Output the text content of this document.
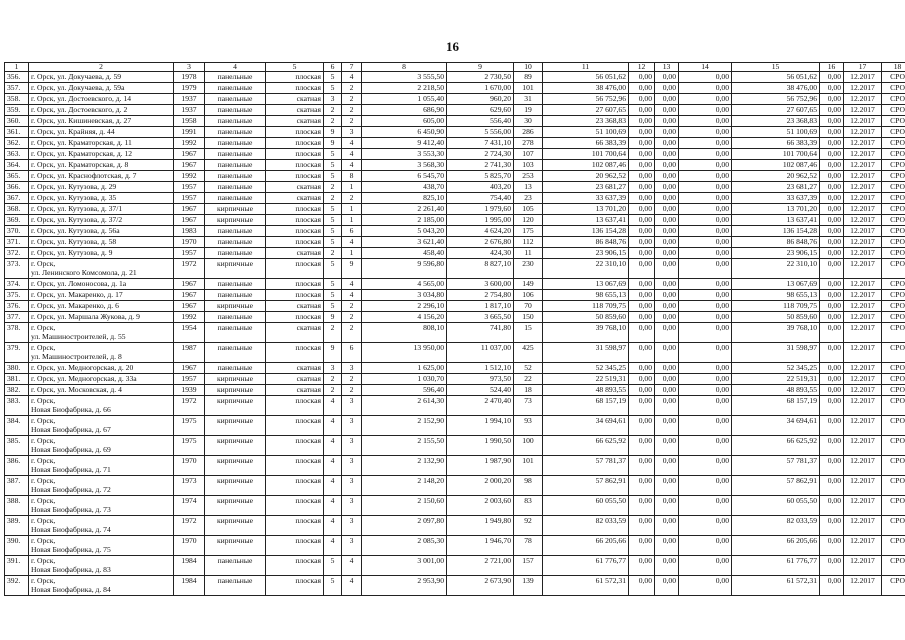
16
1	2	3	4	5	6	7	8	9	10	11	12	13	14	15	16	17	18
356.	г. Орск, ул. Докучаева, д. 59	1978	панельные	плоская	5	4	3 555,50	2 730,50	89	56 051,62	0,00	0,00	0,00	56 051,62	0,00	12.2017	СРО
357.	г. Орск, ул. Докучаева, д. 59а	1979	панельные	плоская	5	2	2 218,50	1 670,00	101	38 476,00	0,00	0,00	0,00	38 476,00	0,00	12.2017	СРО
358.	г. Орск, ул. Достоевского, д. 14	1937	панельные	скатная	3	2	1 055,40	960,20	31	56 752,96	0,00	0,00	0,00	56 752,96	0,00	12.2017	СРО
359.	г. Орск, ул. Достоевского, д. 2	1937	панельные	скатная	2	2	686,90	629,60	19	27 607,65	0,00	0,00	0,00	27 607,65	0,00	12.2017	СРО
360.	г. Орск, ул. Кишиневская, д. 27	1958	панельные	скатная	2	2	605,00	556,40	30	23 368,83	0,00	0,00	0,00	23 368,83	0,00	12.2017	СРО
361.	г. Орск, ул. Крайняя, д. 44	1991	панельные	плоская	9	3	6 450,90	5 556,00	286	51 100,69	0,00	0,00	0,00	51 100,69	0,00	12.2017	СРО
362.	г. Орск, ул. Краматорская, д. 11	1992	панельные	плоская	9	4	9 412,40	7 431,10	278	66 383,39	0,00	0,00	0,00	66 383,39	0,00	12.2017	СРО
363.	г. Орск, ул. Краматорская, д. 12	1967	панельные	плоская	5	4	3 553,30	2 724,30	107	101 700,64	0,00	0,00	0,00	101 700,64	0,00	12.2017	СРО
364.	г. Орск, ул. Краматорская, д. 8	1967	панельные	плоская	5	4	3 568,30	2 741,30	103	102 087,46	0,00	0,00	0,00	102 087,46	0,00	12.2017	СРО
365.	г. Орск, ул. Краснофлотская, д. 7	1992	панельные	плоская	5	8	6 545,70	5 825,70	253	20 962,52	0,00	0,00	0,00	20 962,52	0,00	12.2017	СРО
366.	г. Орск, ул. Кутузова, д. 29	1957	панельные	скатная	2	1	438,70	403,20	13	23 681,27	0,00	0,00	0,00	23 681,27	0,00	12.2017	СРО
367.	г. Орск, ул. Кутузова, д. 35	1957	панельные	скатная	2	2	825,10	754,40	23	33 637,39	0,00	0,00	0,00	33 637,39	0,00	12.2017	СРО
368.	г. Орск, ул. Кутузова, д. 37/1	1967	кирпичные	плоская	5	1	2 261,40	1 979,60	105	13 701,20	0,00	0,00	0,00	13 701,20	0,00	12.2017	СРО
369.	г. Орск, ул. Кутузова, д. 37/2	1967	кирпичные	плоская	5	1	2 185,00	1 995,00	120	13 637,41	0,00	0,00	0,00	13 637,41	0,00	12.2017	СРО
370.	г. Орск, ул. Кутузова, д. 56а	1983	панельные	плоская	5	6	5 043,20	4 624,20	175	136 154,28	0,00	0,00	0,00	136 154,28	0,00	12.2017	СРО
371.	г. Орск, ул. Кутузова, д. 58	1970	панельные	плоская	5	4	3 621,40	2 676,80	112	86 848,76	0,00	0,00	0,00	86 848,76	0,00	12.2017	СРО
372.	г. Орск, ул. Кутузова, д. 9	1957	панельные	скатная	2	1	458,40	424,30	11	23 906,15	0,00	0,00	0,00	23 906,15	0,00	12.2017	СРО
373.	г. Орск,
ул. Ленинского Комсомола, д. 21	1972	кирпичные	плоская	5	9	9 596,80	8 827,10	230	22 310,10	0,00	0,00	0,00	22 310,10	0,00	12.2017	СРО
374.	г. Орск, ул. Ломоносова, д. 1а	1967	панельные	плоская	5	4	4 565,00	3 600,00	149	13 067,69	0,00	0,00	0,00	13 067,69	0,00	12.2017	СРО
375.	г. Орск, ул. Макаренко, д. 17	1967	панельные	плоская	5	4	3 034,80	2 754,80	106	98 655,13	0,00	0,00	0,00	98 655,13	0,00	12.2017	СРО
376.	г. Орск, ул. Макаренко, д. 6	1967	кирпичные	скатная	5	2	2 296,10	1 817,10	70	118 709,75	0,00	0,00	0,00	118 709,75	0,00	12.2017	СРО
377.	г. Орск, ул. Маршала Жукова, д. 9	1992	панельные	плоская	9	2	4 156,20	3 665,50	150	50 859,60	0,00	0,00	0,00	50 859,60	0,00	12.2017	СРО
378.	г. Орск,
ул. Машиностроителей, д. 55	1954	панельные	скатная	2	2	808,10	741,80	15	39 768,10	0,00	0,00	0,00	39 768,10	0,00	12.2017	СРО
379.	г. Орск,
ул. Машиностроителей, д. 8	1987	панельные	плоская	9	6	13 950,00	11 037,00	425	31 598,97	0,00	0,00	0,00	31 598,97	0,00	12.2017	СРО
380.	г. Орск, ул. Медногорская, д. 20	1967	панельные	скатная	3	3	1 625,00	1 512,10	52	52 345,25	0,00	0,00	0,00	52 345,25	0,00	12.2017	СРО
381.	г. Орск, ул. Медногорская, д. 33а	1957	кирпичные	скатная	2	2	1 030,70	973,50	22	22 519,31	0,00	0,00	0,00	22 519,31	0,00	12.2017	СРО
382.	г. Орск, ул. Московская, д. 4	1939	кирпичные	скатная	2	2	596,40	524,40	18	48 893,55	0,00	0,00	0,00	48 893,55	0,00	12.2017	СРО
383.	г. Орск,
Новая Биофабрика, д. 66	1972	кирпичные	плоская	4	3	2 614,30	2 470,40	73	68 157,19	0,00	0,00	0,00	68 157,19	0,00	12.2017	СРО
384.	г. Орск,
Новая Биофабрика, д. 67	1975	кирпичные	плоская	4	3	2 152,90	1 994,10	93	34 694,61	0,00	0,00	0,00	34 694,61	0,00	12.2017	СРО
385.	г. Орск,
Новая Биофабрика, д. 69	1975	кирпичные	плоская	4	3	2 155,50	1 990,50	100	66 625,92	0,00	0,00	0,00	66 625,92	0,00	12.2017	СРО
386.	г. Орск,
Новая Биофабрика, д. 71	1970	кирпичные	плоская	4	3	2 132,90	1 987,90	101	57 781,37	0,00	0,00	0,00	57 781,37	0,00	12.2017	СРО
387.	г. Орск,
Новая Биофабрика, д. 72	1973	кирпичные	плоская	4	3	2 148,20	2 000,20	98	57 862,91	0,00	0,00	0,00	57 862,91	0,00	12.2017	СРО
388.	г. Орск,
Новая Биофабрика, д. 73	1974	кирпичные	плоская	4	3	2 150,60	2 003,60	83	60 055,50	0,00	0,00	0,00	60 055,50	0,00	12.2017	СРО
389.	г. Орск,
Новая Биофабрика, д. 74	1972	кирпичные	плоская	4	3	2 097,80	1 949,80	92	82 033,59	0,00	0,00	0,00	82 033,59	0,00	12.2017	СРО
390.	г. Орск,
Новая Биофабрика, д. 75	1970	кирпичные	плоская	4	3	2 085,30	1 946,70	78	66 205,66	0,00	0,00	0,00	66 205,66	0,00	12.2017	СРО
391.	г. Орск,
Новая Биофабрика, д. 83	1984	панельные	плоская	5	4	3 001,00	2 721,00	157	61 776,77	0,00	0,00	0,00	61 776,77	0,00	12.2017	СРО
392.	г. Орск,
Новая Биофабрика, д. 84	1984	панельные	плоская	5	4	2 953,90	2 673,90	139	61 572,31	0,00	0,00	0,00	61 572,31	0,00	12.2017	СРО
